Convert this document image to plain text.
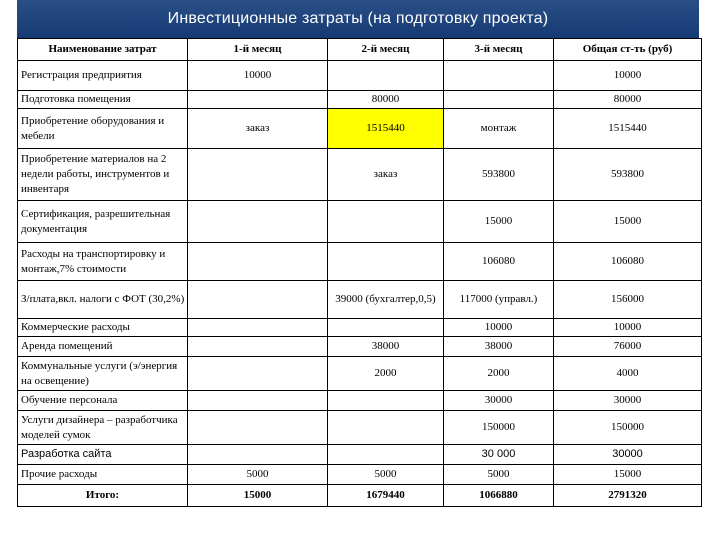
Инвестиционные затраты (на подготовку проекта)
Наименование затрат	1-й месяц	2-й месяц	3-й месяц	Общая ст-ть (руб)
Регистрация предприятия	10000			10000
Подготовка помещения		80000		80000
Приобретение оборудования и мебели	заказ	1515440	монтаж	1515440
Приобретение материалов на 2 недели работы, инструментов и инвентаря		заказ	593800	593800
Сертификация, разрешительная документация			15000	15000
Расходы на транспортировку и монтаж,7% стоимости			106080	106080
З/плата,вкл. налоги с ФОТ (30,2%)		39000 (бухгалтер,0,5)	117000 (управл.)	156000
Коммерческие расходы			10000	10000
Аренда помещений		38000	38000	76000
Коммунальные услуги (э/энергия на освещение)		2000	2000	4000
Обучение персонала			30000	30000
Услуги дизайнера – разработчика моделей сумок			150000	150000
Разработка сайта			30 000	30000
Прочие расходы	5000	5000	5000	15000
Итого:	15000	1679440	1066880	2791320
